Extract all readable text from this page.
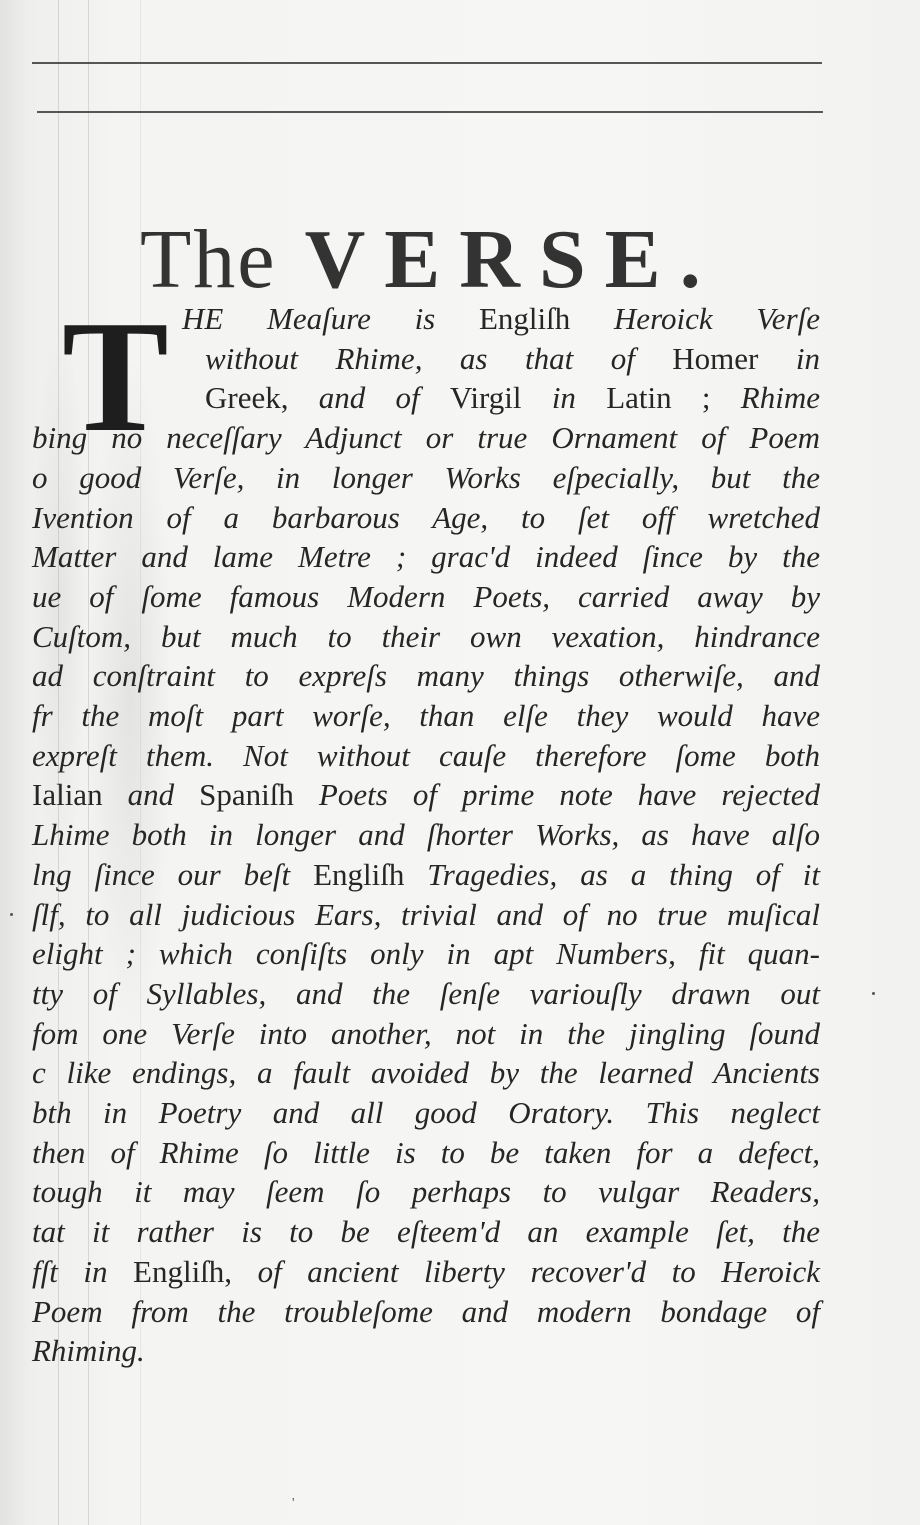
The VERSE.
T HE Meaſure is Engliſh Heroick Verſe
without Rhime, as that of Homer in
Greek, and of Virgil in Latin ; Rhime
bing no neceſſary Adjunct or true Ornament of Poem
o good Verſe, in longer Works eſpecially, but the
Ivention of a barbarous Age, to ſet off wretched
Matter and lame Metre ; grac'd indeed ſince by the
ue of ſome famous Modern Poets, carried away by
Cuſtom, but much to their own vexation, hindrance
ad conſtraint to expreſs many things otherwiſe, and
fr the moſt part worſe, than elſe they would have
expreſt them. Not without cauſe therefore ſome both
Ialian and Spaniſh Poets of prime note have rejected
Lhime both in longer and ſhorter Works, as have alſo
lng ſince our beſt Engliſh Tragedies, as a thing of it
ſlf, to all judicious Ears, trivial and of no true muſical
elight ; which conſiſts only in apt Numbers, fit quan-
tty of Syllables, and the ſenſe variouſly drawn out
fom one Verſe into another, not in the jingling ſound
c like endings, a fault avoided by the learned Ancients
bth in Poetry and all good Oratory. This neglect
then of Rhime ſo little is to be taken for a defect,
tough it may ſeem ſo perhaps to vulgar Readers,
tat it rather is to be eſteem'd an example ſet, the
fſt in Engliſh, of ancient liberty recover'd to Heroick
Poem from the troubleſome and modern bondage of
Rhiming.
'
